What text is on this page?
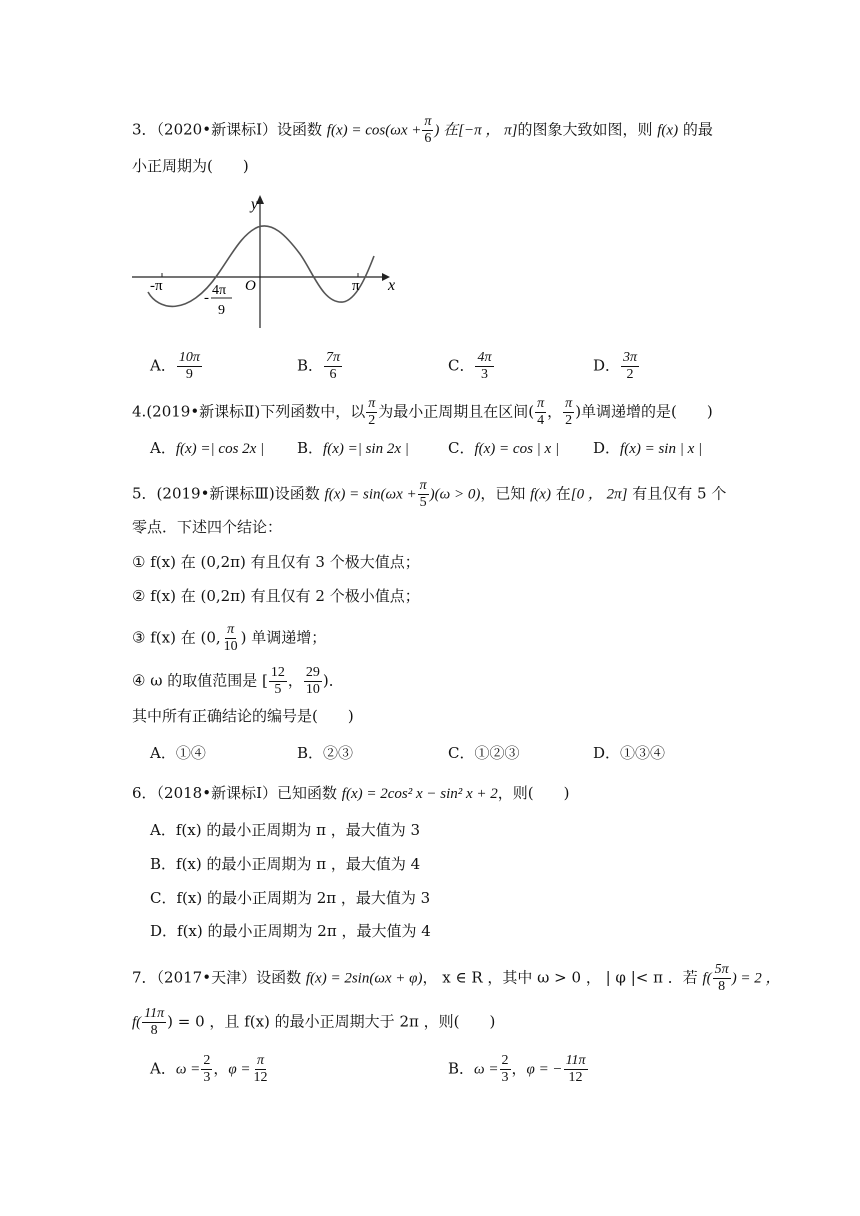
3．（2020•新课标Ⅰ）设函数 $f(x) = \cos(\omega x + \frac{\pi}{6}$ ) 在[−π ， π]的图象大致如图，则 f(x) 的最
小正周期为(　　)
y
x
O
-π	π
- 4π
9
A． $\frac{10\pi}{9}$	B． $\frac{7\pi}{6}$	C． $\frac{4\pi}{3}$	D． $\frac{3\pi}{2}$
4.(2019•新课标Ⅱ)下列函数中，以 $\frac{\pi}{2}$ 为最小正周期且在区间( $\frac{\pi}{4}$ ， $\frac{\pi}{2}$ )单调递增的是(　　)
A．f(x) =| cos 2x | B．f(x) =| sin 2x |	C．f(x) = cos | x | D．f(x) = sin | x |
5．(2019•新课标Ⅲ)设函数 $f(x) = \sin(\omega x + \frac{\pi}{5} )(\omega > 0)$，已知 f(x) 在[0 ， 2π] 有且仅有 5 个
零点．下述四个结论：
① f(x) 在 (0,2π) 有且仅有 3 个极大值点；
② f(x) 在 (0,2π) 有且仅有 2 个极小值点；
③ f(x) 在 (0, $\frac{\pi}{10}$ ) 单调递增；
④ ω 的取值范围是 [ $\frac{12}{5}$ ， $\frac{29}{10}$ )．
其中所有正确结论的编号是(　　)
A．①④	B．②③	C．①②③	D．①③④
6．（2018•新课标Ⅰ）已知函数 f(x) = 2cos² x − sin² x + 2，则(　　)
A．f(x) 的最小正周期为 π ，最大值为 3
B．f(x) 的最小正周期为 π ，最大值为 4
C．f(x) 的最小正周期为 2π ，最大值为 3
D．f(x) 的最小正周期为 2π ，最大值为 4
7．（2017•天津）设函数 f(x) = 2sin(ωx + φ)， x ∈ R ，其中 ω > 0 ， | φ |< π ．若 $f( \frac{5\pi}{8}$ ) = 2 ，
$f( \frac{11\pi}{8}$ ) = 0 ，且 f(x) 的最小正周期大于 2π ，则(　　)
A．$\omega = \frac{2}{3}$ ，$\varphi = \frac{\pi}{12}$	B．$\omega = \frac{2}{3}$ ，φ = − $\frac{11\pi}{12}$
